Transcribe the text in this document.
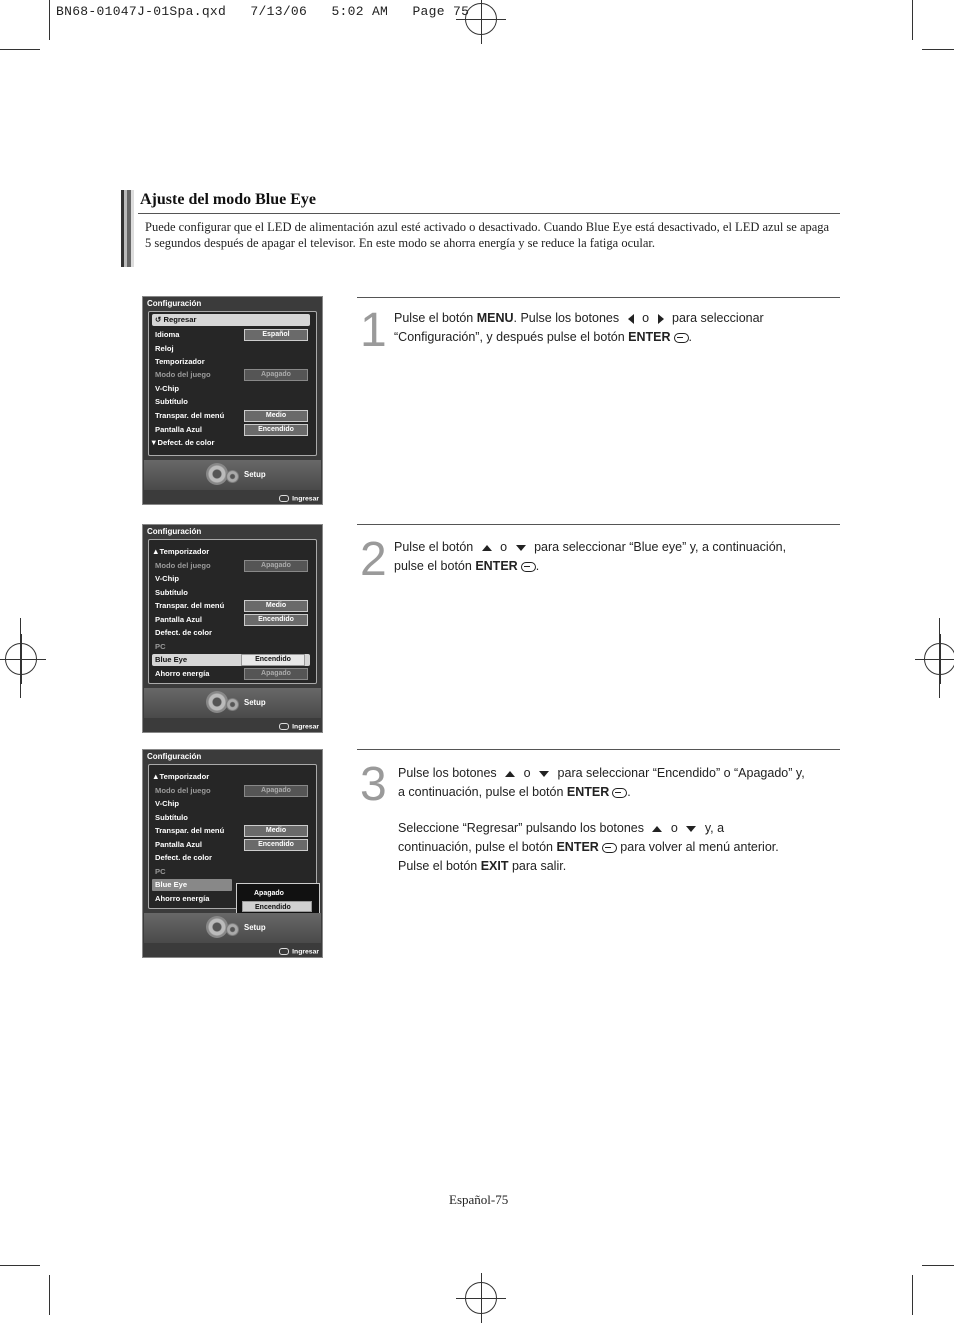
BN68-01047J-01Spa.qxd   7/13/06   5:02 AM   Page 75
Ajuste del modo Blue Eye
Puede configurar que el LED de alimentación azul esté activado o desactivado. Cuando Blue Eye está desactivado, el LED azul se apaga 5 segundos después de apagar el televisor. En este modo se ahorra energía y se reduce la fatiga ocular.
Configuración
↺ Regresar
Idioma	Español
Reloj
Temporizador
Modo del juego	Apagado
V-Chip
Subtítulo
Transpar. del menú	Medio
Pantalla Azul	Encendido
▼Defect. de color
Setup
Ingresar
Configuración
▲Temporizador
Modo del juego	Apagado
V-Chip
Subtítulo
Transpar. del menú	Medio
Pantalla Azul	Encendido
Defect. de color
PC
Blue Eye	Encendido
Ahorro energía	Apagado
Setup
Ingresar
Configuración
▲Temporizador
Modo del juego	Apagado
V-Chip
Subtítulo
Transpar. del menú	Medio
Pantalla Azul	Encendido
Defect. de color
PC
Blue Eye
Ahorro energía
Apagado
Encendido
Setup
Ingresar
1 Pulse el botón MENU. Pulse los botones  o  para seleccionar
“Configuración”, y después pulse el botón ENTER .
2 Pulse el botón  o  para seleccionar “Blue eye” y, a continuación,
pulse el botón ENTER .
3 Pulse los botones  o  para seleccionar “Encendido” o “Apagado” y,
a continuación, pulse el botón ENTER .
Seleccione “Regresar” pulsando los botones  o  y, a
continuación, pulse el botón ENTER para volver al menú anterior.
Pulse el botón EXIT para salir.
Español-75
